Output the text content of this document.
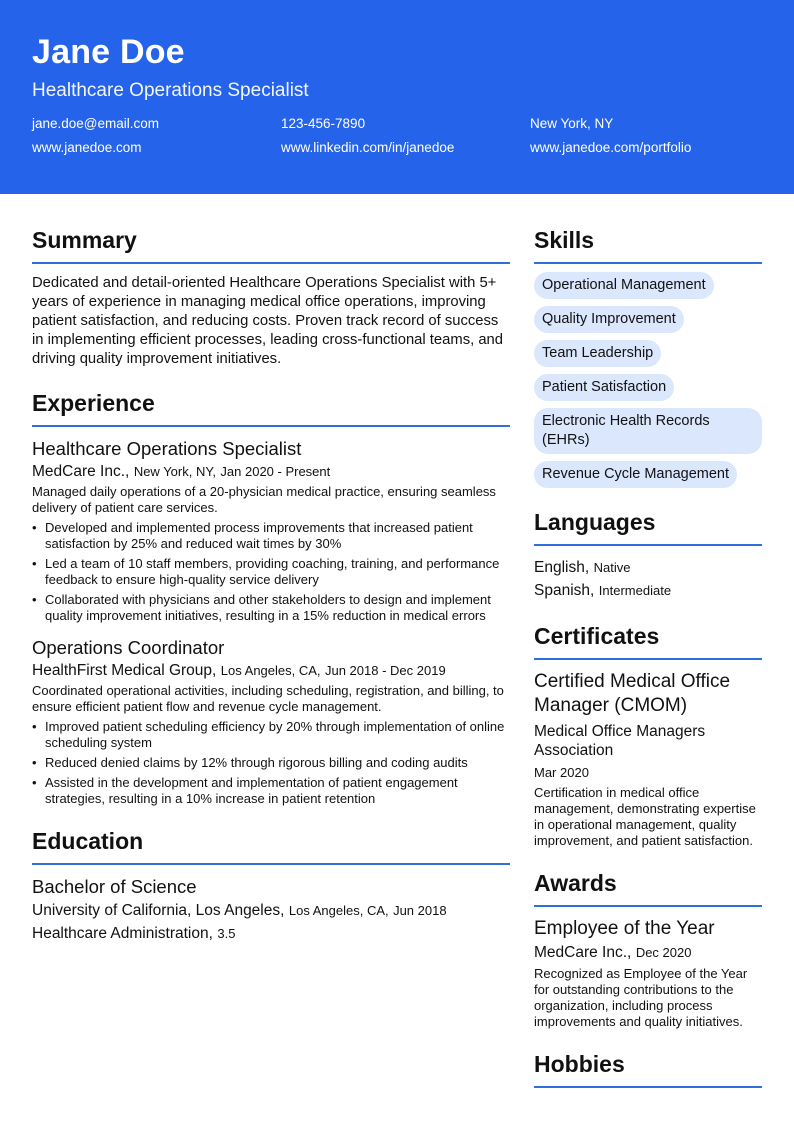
Jane Doe
Healthcare Operations Specialist
jane.doe@email.com	123-456-7890	New York, NY
www.janedoe.com	www.linkedin.com/in/janedoe	www.janedoe.com/portfolio
Summary

Dedicated and detail-oriented Healthcare Operations Specialist with 5+ years of experience in managing medical office operations, improving patient satisfaction, and reducing costs. Proven track record of success in implementing efficient processes, leading cross-functional teams, and driving quality improvement initiatives.

Experience
Healthcare Operations Specialist
MedCare Inc., New York, NY, Jan 2020 - Present
Managed daily operations of a 20-physician medical practice, ensuring seamless delivery of patient care services.
• Developed and implemented process improvements that increased patient satisfaction by 25% and reduced wait times by 30%
• Led a team of 10 staff members, providing coaching, training, and performance feedback to ensure high-quality service delivery
• Collaborated with physicians and other stakeholders to design and implement quality improvement initiatives, resulting in a 15% reduction in medical errors
Operations Coordinator
HealthFirst Medical Group, Los Angeles, CA, Jun 2018 - Dec 2019
Coordinated operational activities, including scheduling, registration, and billing, to ensure efficient patient flow and revenue cycle management.
• Improved patient scheduling efficiency by 20% through implementation of online scheduling system
• Reduced denied claims by 12% through rigorous billing and coding audits
• Assisted in the development and implementation of patient engagement strategies, resulting in a 10% increase in patient retention
Education
Bachelor of Science
University of California, Los Angeles, Los Angeles, CA, Jun 2018
Healthcare Administration, 3.5
Skills
Operational Management
Quality Improvement
Team Leadership
Patient Satisfaction
Electronic Health Records (EHRs)
Revenue Cycle Management
Languages
English, Native
Spanish, Intermediate
Certificates
Certified Medical Office Manager (CMOM)
Medical Office Managers Association
Mar 2020
Certification in medical office management, demonstrating expertise in operational management, quality improvement, and patient satisfaction.
Awards
Employee of the Year
MedCare Inc., Dec 2020
Recognized as Employee of the Year for outstanding contributions to the organization, including process improvements and quality initiatives.
Hobbies
